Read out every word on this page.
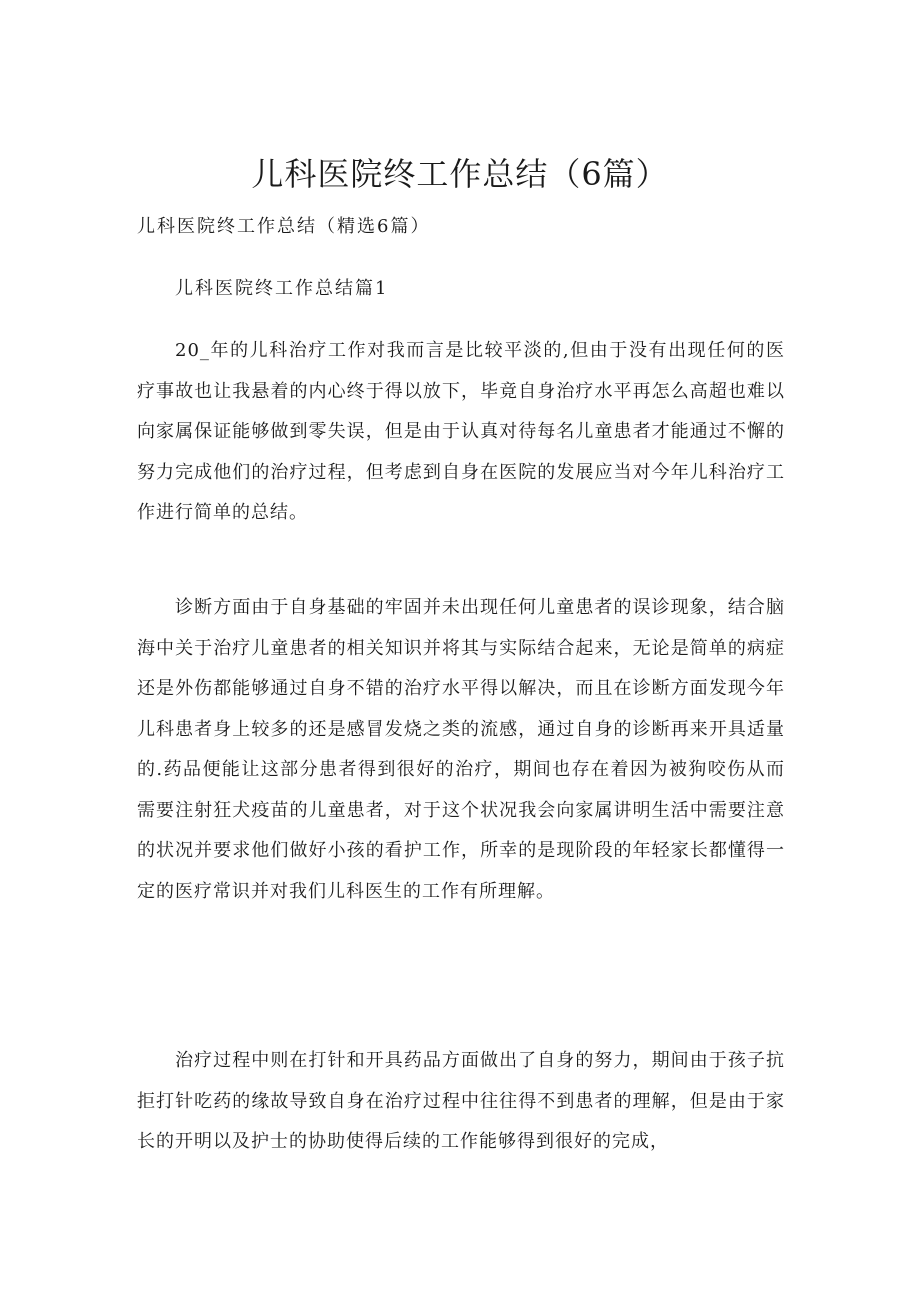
儿科医院终工作总结（6篇）

儿科医院终工作总结（精选6篇）

儿科医院终工作总结篇1

20_年的儿科治疗工作对我而言是比较平淡的,但由于没有出现任何的医疗事故也让我悬着的内心终于得以放下，毕竟自身治疗水平再怎么高超也难以向家属保证能够做到零失误，但是由于认真对待每名儿童患者才能通过不懈的努力完成他们的治疗过程，但考虑到自身在医院的发展应当对今年儿科治疗工作进行简单的总结。

诊断方面由于自身基础的牢固并未出现任何儿童患者的误诊现象，结合脑海中关于治疗儿童患者的相关知识并将其与实际结合起来，无论是简单的病症还是外伤都能够通过自身不错的治疗水平得以解决，而且在诊断方面发现今年儿科患者身上较多的还是感冒发烧之类的流感，通过自身的诊断再来开具适量的.药品便能让这部分患者得到很好的治疗，期间也存在着因为被狗咬伤从而需要注射狂犬疫苗的儿童患者，对于这个状况我会向家属讲明生活中需要注意的状况并要求他们做好小孩的看护工作，所幸的是现阶段的年轻家长都懂得一定的医疗常识并对我们儿科医生的工作有所理解。

治疗过程中则在打针和开具药品方面做出了自身的努力，期间由于孩子抗拒打针吃药的缘故导致自身在治疗过程中往往得不到患者的理解，但是由于家长的开明以及护士的协助使得后续的工作能够得到很好的完成，
